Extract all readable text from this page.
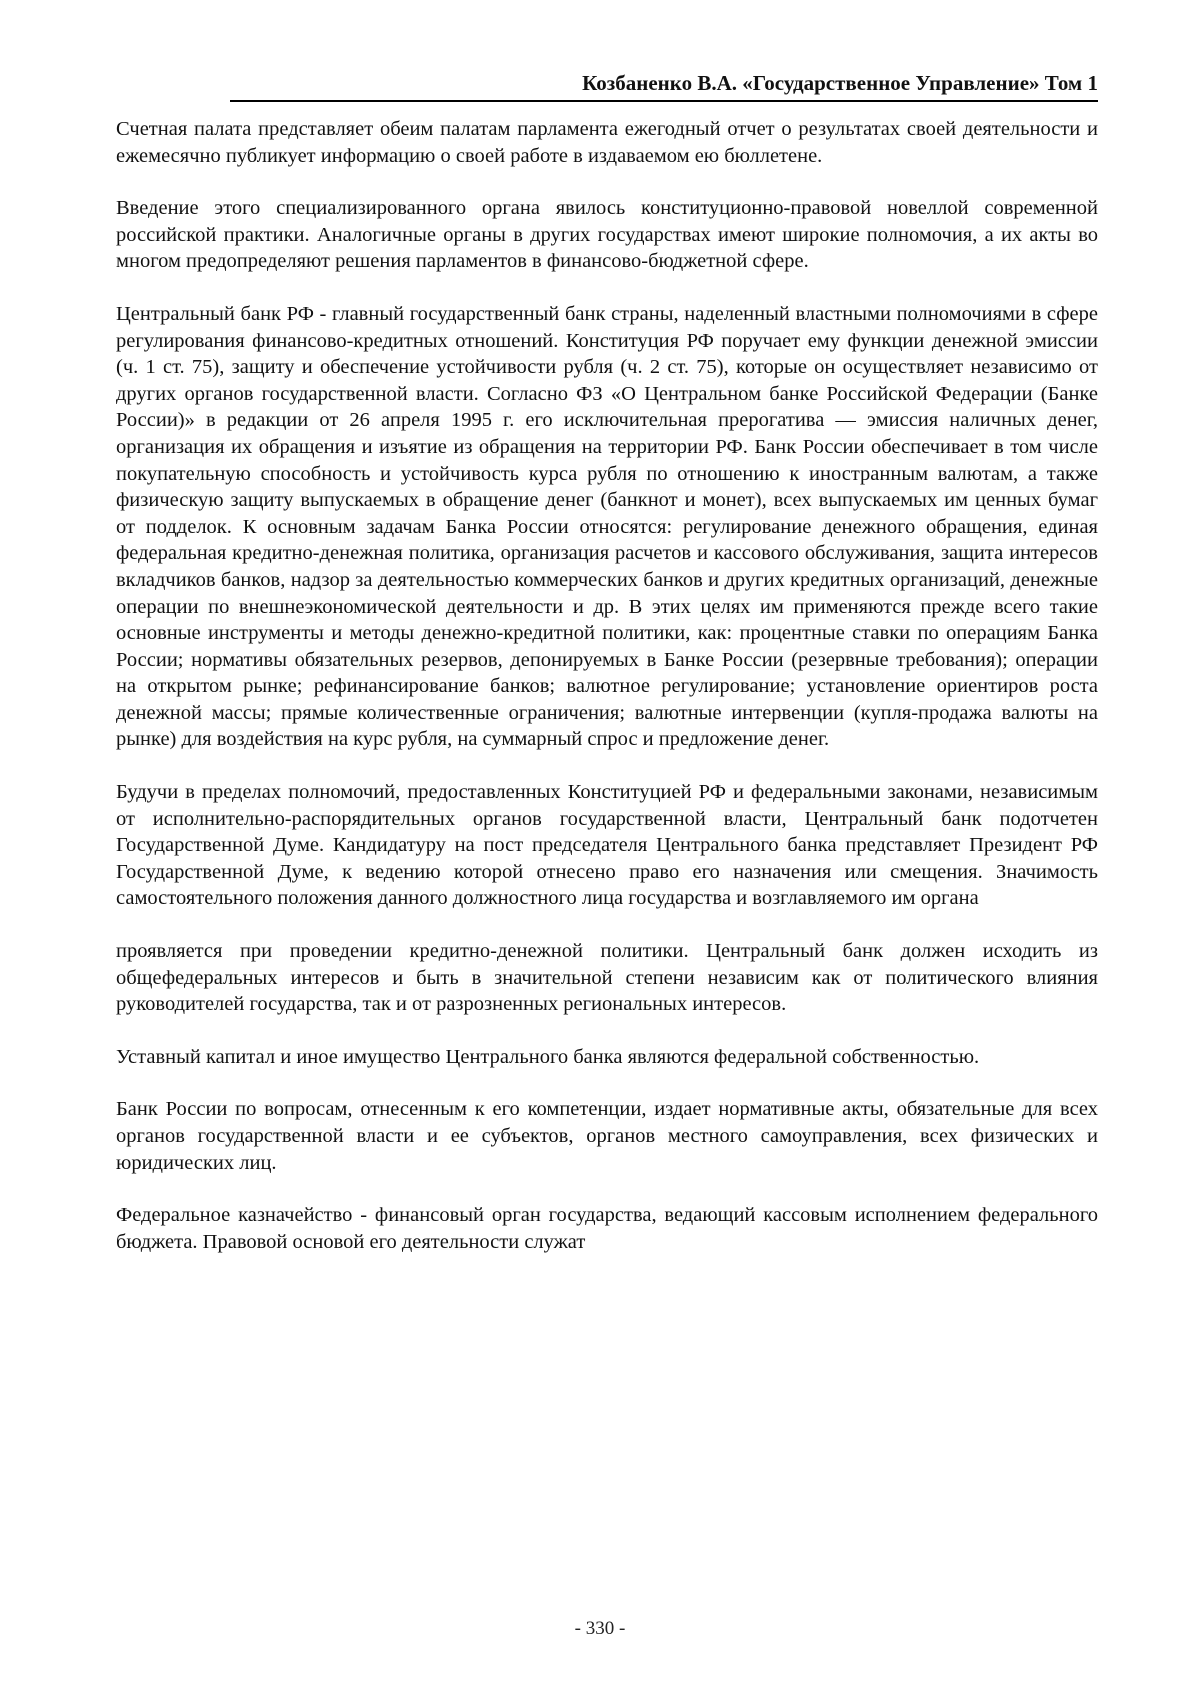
Козбаненко В.А. «Государственное Управление» Том 1

Счетная палата представляет обеим палатам парламента ежегодный отчет о результатах своей деятельности и ежемесячно публикует информацию о своей работе в издаваемом ею бюллетене.

Введение этого специализированного органа явилось конституционно-правовой новеллой современной российской практики. Аналогичные органы в других государствах имеют широкие полномочия, а их акты во многом предопределяют решения парламентов в финансово-бюджетной сфере.

Центральный банк РФ - главный государственный банк страны, наделенный властными полномочиями в сфере регулирования финансово-кредитных отношений. Конституция РФ поручает ему функции денежной эмиссии (ч. 1 ст. 75), защиту и обеспечение устойчивости рубля (ч. 2 ст. 75), которые он осуществляет независимо от других органов государственной власти. Согласно ФЗ «О Центральном банке Российской Федерации (Банке России)» в редакции от 26 апреля 1995 г. его исключительная прерогатива — эмиссия наличных денег, организация их обращения и изъятие из обращения на территории РФ. Банк России обеспечивает в том числе покупательную способность и устойчивость курса рубля по отношению к иностранным валютам, а также физическую защиту выпускаемых в обращение денег (банкнот и монет), всех выпускаемых им ценных бумаг от подделок. К основным задачам Банка России относятся: регулирование денежного обращения, единая федеральная кредитно-денежная политика, организация расчетов и кассового обслуживания, защита интересов вкладчиков банков, надзор за деятельностью коммерческих банков и других кредитных организаций, денежные операции по внешнеэкономической деятельности и др. В этих целях им применяются прежде всего такие основные инструменты и методы денежно-кредитной политики, как: процентные ставки по операциям Банка России; нормативы обязательных резервов, депонируемых в Банке России (резервные требования); операции на открытом рынке; рефинансирование банков; валютное регулирование; установление ориентиров роста денежной массы; прямые количественные ограничения; валютные интервенции (купля-продажа валюты на рынке) для воздействия на курс рубля, на суммарный спрос и предложение денег.

Будучи в пределах полномочий, предоставленных Конституцией РФ и федеральными законами, независимым от исполнительно-распорядительных органов государственной власти, Центральный банк подотчетен Государственной Думе. Кандидатуру на пост председателя Центрального банка представляет Президент РФ Государственной Думе, к ведению которой отнесено право его назначения или смещения. Значимость самостоятельного положения данного должностного лица государства и возглавляемого им органа

проявляется при проведении кредитно-денежной политики. Центральный банк должен исходить из общефедеральных интересов и быть в значительной степени независим как от политического влияния руководителей государства, так и от разрозненных региональных интересов.

Уставный капитал и иное имущество Центрального банка являются федеральной собственностью.

Банк России по вопросам, отнесенным к его компетенции, издает нормативные акты, обязательные для всех органов государственной власти и ее субъектов, органов местного самоуправления, всех физических и юридических лиц.

Федеральное казначейство - финансовый орган государства, ведающий кассовым исполнением федерального бюджета. Правовой основой его деятельности служат

- 330 -
